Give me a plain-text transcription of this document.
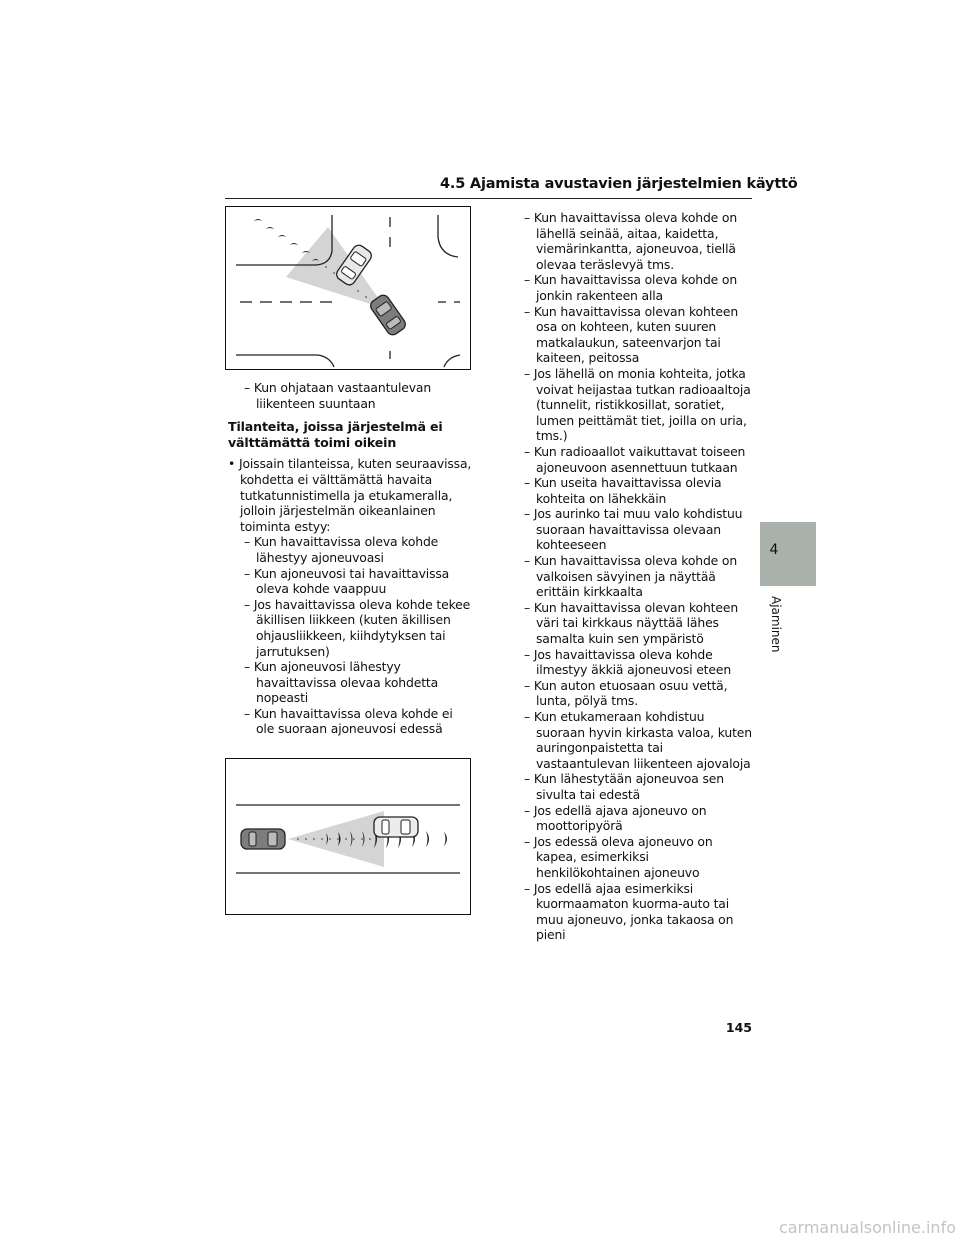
4.5 Ajamista avustavien järjestelmien käyttö
– Kun ohjataan vastaantulevan liikenteen suuntaan
Tilanteita, joissa järjestelmä ei välttämättä toimi oikein
• Joissain tilanteissa, kuten seuraavissa, kohdetta ei välttämättä havaita tutkatunnistimella ja etukameralla, jolloin järjestelmän oikeanlainen toiminta estyy:
– Kun havaittavissa oleva kohde lähestyy ajoneuvoasi
– Kun ajoneuvosi tai havaittavissa oleva kohde vaappuu
– Jos havaittavissa oleva kohde tekee äkillisen liikkeen (kuten äkillisen ohjausliikkeen, kiihdytyksen tai jarrutuksen)
– Kun ajoneuvosi lähestyy havaittavissa olevaa kohdetta nopeasti
– Kun havaittavissa oleva kohde ei ole suoraan ajoneuvosi edessä
– Kun havaittavissa oleva kohde on lähellä seinää, aitaa, kaidetta, viemärinkantta, ajoneuvoa, tiellä olevaa teräslevyä tms.
– Kun havaittavissa oleva kohde on jonkin rakenteen alla
– Kun havaittavissa olevan kohteen osa on kohteen, kuten suuren matkalaukun, sateenvarjon tai kaiteen, peitossa
– Jos lähellä on monia kohteita, jotka voivat heijastaa tutkan radioaaltoja (tunnelit, ristikkosillat, soratiet, lumen peittämät tiet, joilla on uria, tms.)
– Kun radioaallot vaikuttavat toiseen ajoneuvoon asennettuun tutkaan
– Kun useita havaittavissa olevia kohteita on lähekkäin
– Jos aurinko tai muu valo kohdistuu suoraan havaittavissa olevaan kohteeseen
– Kun havaittavissa oleva kohde on valkoisen sävyinen ja näyttää erittäin kirkkaalta
– Kun havaittavissa olevan kohteen väri tai kirkkaus näyttää lähes samalta kuin sen ympäristö
– Jos havaittavissa oleva kohde ilmestyy äkkiä ajoneuvosi eteen
– Kun auton etuosaan osuu vettä, lunta, pölyä tms.
– Kun etukameraan kohdistuu suoraan hyvin kirkasta valoa, kuten auringonpaistetta tai vastaantulevan liikenteen ajovaloja
– Kun lähestytään ajoneuvoa sen sivulta tai edestä
– Jos edellä ajava ajoneuvo on moottoripyörä
– Jos edessä oleva ajoneuvo on kapea, esimerkiksi henkilökohtainen ajoneuvo
– Jos edellä ajaa esimerkiksi kuormaamaton kuorma-auto tai muu ajoneuvo, jonka takaosa on pieni
4
Ajaminen
145
carmanualsonline.info
